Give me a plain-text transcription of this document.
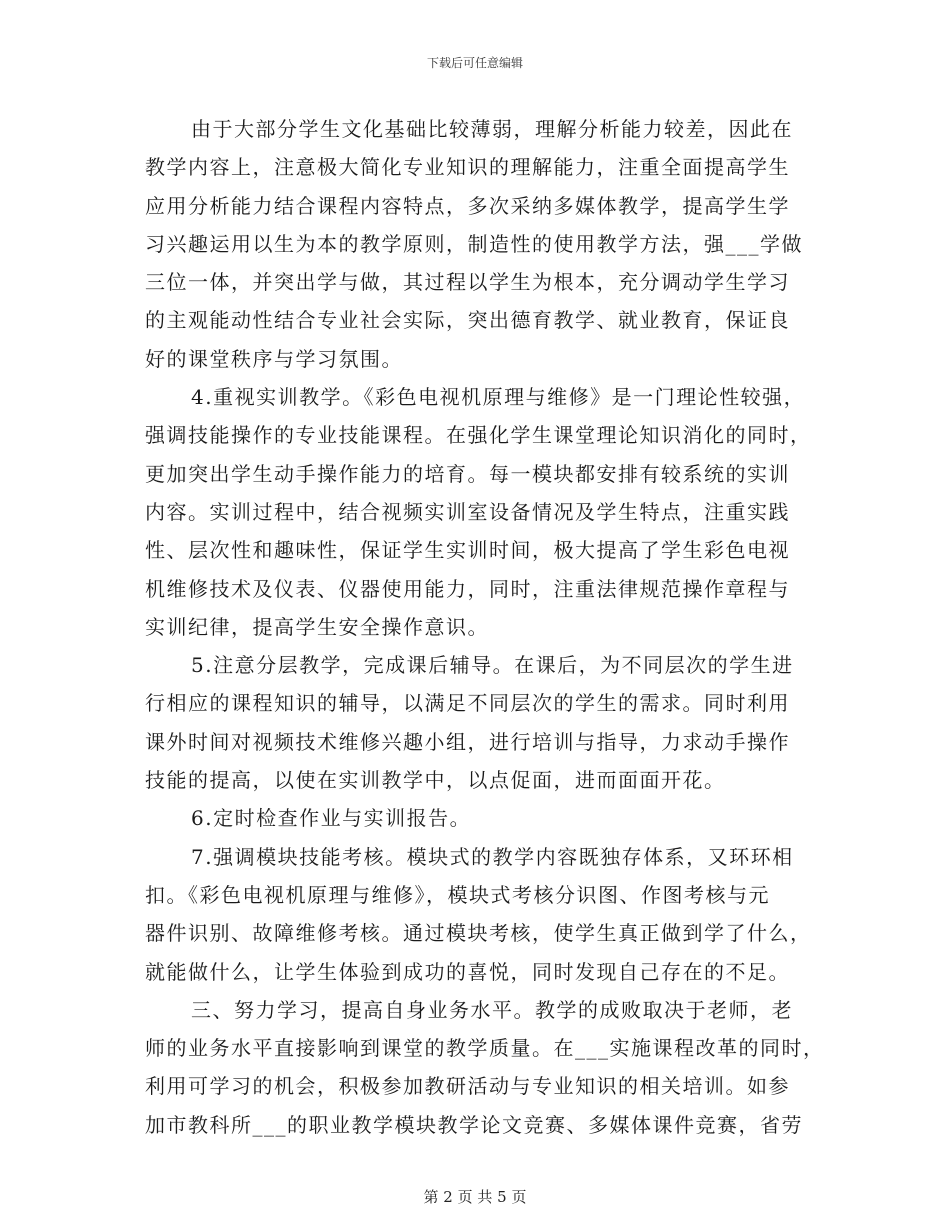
下载后可任意编辑
由于大部分学生文化基础比较薄弱，理解分析能力较差，因此在
教学内容上，注意极大简化专业知识的理解能力，注重全面提高学生
应用分析能力结合课程内容特点，多次采纳多媒体教学，提高学生学
习兴趣运用以生为本的教学原则，制造性的使用教学方法，强___学做
三位一体，并突出学与做，其过程以学生为根本，充分调动学生学习
的主观能动性结合专业社会实际，突出德育教学、就业教育，保证良
好的课堂秩序与学习氛围。
4.重视实训教学。《彩色电视机原理与维修》是一门理论性较强，
强调技能操作的专业技能课程。在强化学生课堂理论知识消化的同时，
更加突出学生动手操作能力的培育。每一模块都安排有较系统的实训
内容。实训过程中，结合视频实训室设备情况及学生特点，注重实践
性、层次性和趣味性，保证学生实训时间，极大提高了学生彩色电视
机维修技术及仪表、仪器使用能力，同时，注重法律规范操作章程与
实训纪律，提高学生安全操作意识。
5.注意分层教学，完成课后辅导。在课后，为不同层次的学生进
行相应的课程知识的辅导，以满足不同层次的学生的需求。同时利用
课外时间对视频技术维修兴趣小组，进行培训与指导，力求动手操作
技能的提高，以使在实训教学中，以点促面，进而面面开花。
6.定时检查作业与实训报告。
7.强调模块技能考核。模块式的教学内容既独存体系，又环环相
扣。《彩色电视机原理与维修》，模块式考核分识图、作图考核与元
器件识别、故障维修考核。通过模块考核，使学生真正做到学了什么，
就能做什么，让学生体验到成功的喜悦，同时发现自己存在的不足。
三、努力学习，提高自身业务水平。教学的成败取决于老师，老
师的业务水平直接影响到课堂的教学质量。在___实施课程改革的同时，
利用可学习的机会，积极参加教研活动与专业知识的相关培训。如参
加市教科所___的职业教学模块教学论文竞赛、多媒体课件竞赛，省劳
第 2 页 共 5 页
